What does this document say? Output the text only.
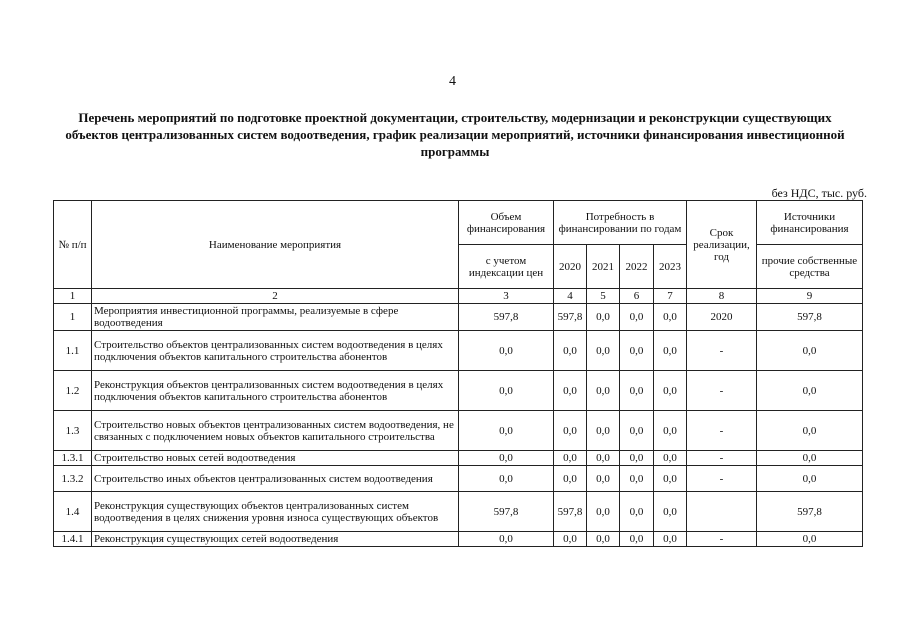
4
Перечень мероприятий по подготовке проектной документации, строительству, модернизации и реконструкции существующих объектов централизованных систем водоотведения, график реализации мероприятий, источники финансирования инвестиционной программы
без НДС, тыс. руб.
№ п/п	Наименование мероприятия	Объем финансирования	Потребность в финансировании по годам				Срок реализации, год	Источники финансирования
		с учетом индексации цен	2020	2021	2022	2023		прочие собственные средства
1	2	3	4	5	6	7	8	9
1	Мероприятия инвестиционной программы, реализуемые в сфере водоотведения	597,8	597,8	0,0	0,0	0,0	2020	597,8
1.1	Строительство объектов централизованных систем водоотведения в целях подключения объектов капитального строительства абонентов	0,0	0,0	0,0	0,0	0,0	-	0,0
1.2	Реконструкция объектов централизованных систем водоотведения в целях подключения объектов капитального строительства абонентов	0,0	0,0	0,0	0,0	0,0	-	0,0
1.3	Строительство новых объектов централизованных систем водоотведения, не связанных с подключением новых объектов капитального строительства	0,0	0,0	0,0	0,0	0,0	-	0,0
1.3.1	Строительство новых сетей водоотведения	0,0	0,0	0,0	0,0	0,0	-	0,0
1.3.2	Строительство иных объектов централизованных систем водоотведения	0,0	0,0	0,0	0,0	0,0	-	0,0
1.4	Реконструкция существующих объектов централизованных систем водоотведения в целях снижения уровня износа существующих объектов	597,8	597,8	0,0	0,0	0,0		597,8
1.4.1	Реконструкция существующих сетей водоотведения	0,0	0,0	0,0	0,0	0,0	-	0,0
